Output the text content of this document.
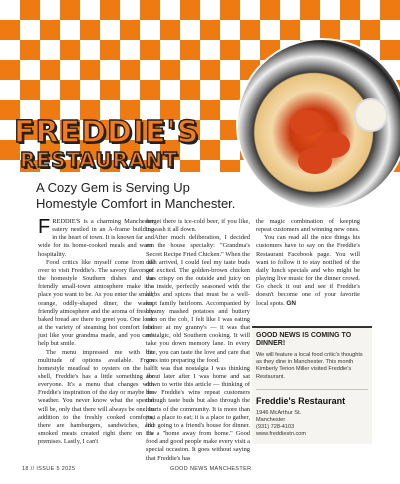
FREDDIE'S
RESTAURANT
A Cozy Gem is Serving Up Homestyle Comfort in Manchester.

FREDDIE'S is a charming Manchester eatery nestled in an A-frame building in the heart of town. It is known far and wide for its home-cooked meals and warm hospitality.

Food critics like myself come from all over to visit Freddie's. The savory flavors of the homestyle Southern dishes and the friendly small-town atmosphere make it a place you want to be. As you enter the small, orange, oddly-shaped diner, the warm, friendly atmosphere and the aroma of freshly baked bread are there to greet you. One look at the variety of steaming hot comfort food just like your grandma made, and you can't help but smile.

The menu impressed me with the multitude of options available. From homestyle meatloaf to oysters on the half shell, Freddie's has a little something for everyone. It's a menu that changes with Freddie's inspiration of the day or maybe the weather. You never know what the special will be, only that there will always be one. In addition to the freshly cooked comforts, there are hamburgers, sandwiches, and smoked meats created right there on the premises. Lastly, I can't

forget there is ice-cold beer, if you like, to wash it all down.

After much deliberation, I decided on the house specialty: "Grandma's Secret Recipe Fried Chicken." When the dish arrived, I could feel my taste buds get excited. The golden-brown chicken was crispy on the outside and juicy on the inside, perfectly seasoned with the herbs and spices that must be a well-kept family heirloom. Accompanied by creamy mashed potatoes and buttery corn on the cob, I felt like I was eating dinner at my granny's — it was that nostalgic, old Southern cooking. It will take you down memory lane. In every bite, you can taste the love and care that goes into preparing the food.

It was that nostalgia I was thinking about later after I was home and sat down to write this article — thinking of how Freddie's wins repeat customers through taste buds but also through the hearts of the community. It is more than just a place to eat; it is a place to gather, like going to a friend's house for dinner. It's a "home away from home." Good food and good people make every visit a special occasion. It goes without saying that Freddie's has

the magic combination of keeping repeat customers and winning new ones.

You can read all the nice things his customers have to say on the Freddie's Restaurant Facebook page. You will want to follow it to stay notified of the daily lunch specials and who might be playing live music for the dinner crowd. Go check it out and see if Freddie's doesn't become one of your favorite local spots. GN

GOOD NEWS IS COMING TO DINNER!
We will feature a local food critic's thoughts as they dine in Manchester. This month Kimberly Terion Miller visited Freddie's Restaurant.
Freddie's Restaurant
1946 McArthur St.
Manchester
(931) 728-4103
www.freddiestn.com
18 // ISSUE 5 2025	GOOD NEWS MANCHESTER
